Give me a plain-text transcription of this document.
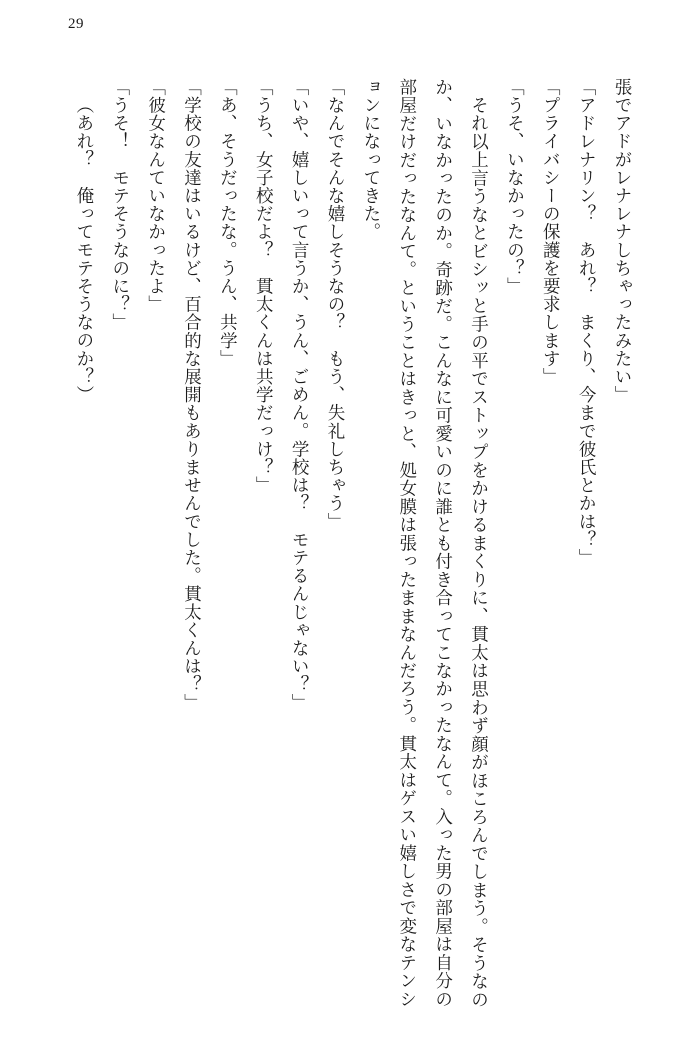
29

張でアドがレナレナしちゃったみたい」

「アドレナリン？　あれ？　まくり、今まで彼氏とかは？」

「プライバシーの保護を要求します」

「うそ、いなかったの？」

それ以上言うなとビシッと手の平でストップをかけるまくりに、貫太は思わず顔がほころんでしまう。そうなのか、いなかったのか。奇跡だ。こんなに可愛いのに誰とも付き合ってこなかったなんて。入った男の部屋は自分の部屋だけだったなんて。ということはきっと、処女膜は張ったままなんだろう。貫太はゲスい嬉しさで変なテンションになってきた。

「なんでそんな嬉しそうなの？　もう、失礼しちゃう」

「いや、嬉しいって言うか、うん、ごめん。学校は？　モテるんじゃない？」

「うち、女子校だよ？　貫太くんは共学だっけ？」

「あ、そうだったな。うん、共学」

「学校の友達はいるけど、百合的な展開もありませんでした。貫太くんは？」

「彼女なんていなかったよ」

「うそ！　モテそうなのに？」

（あれ？　俺ってモテそうなのか？）
